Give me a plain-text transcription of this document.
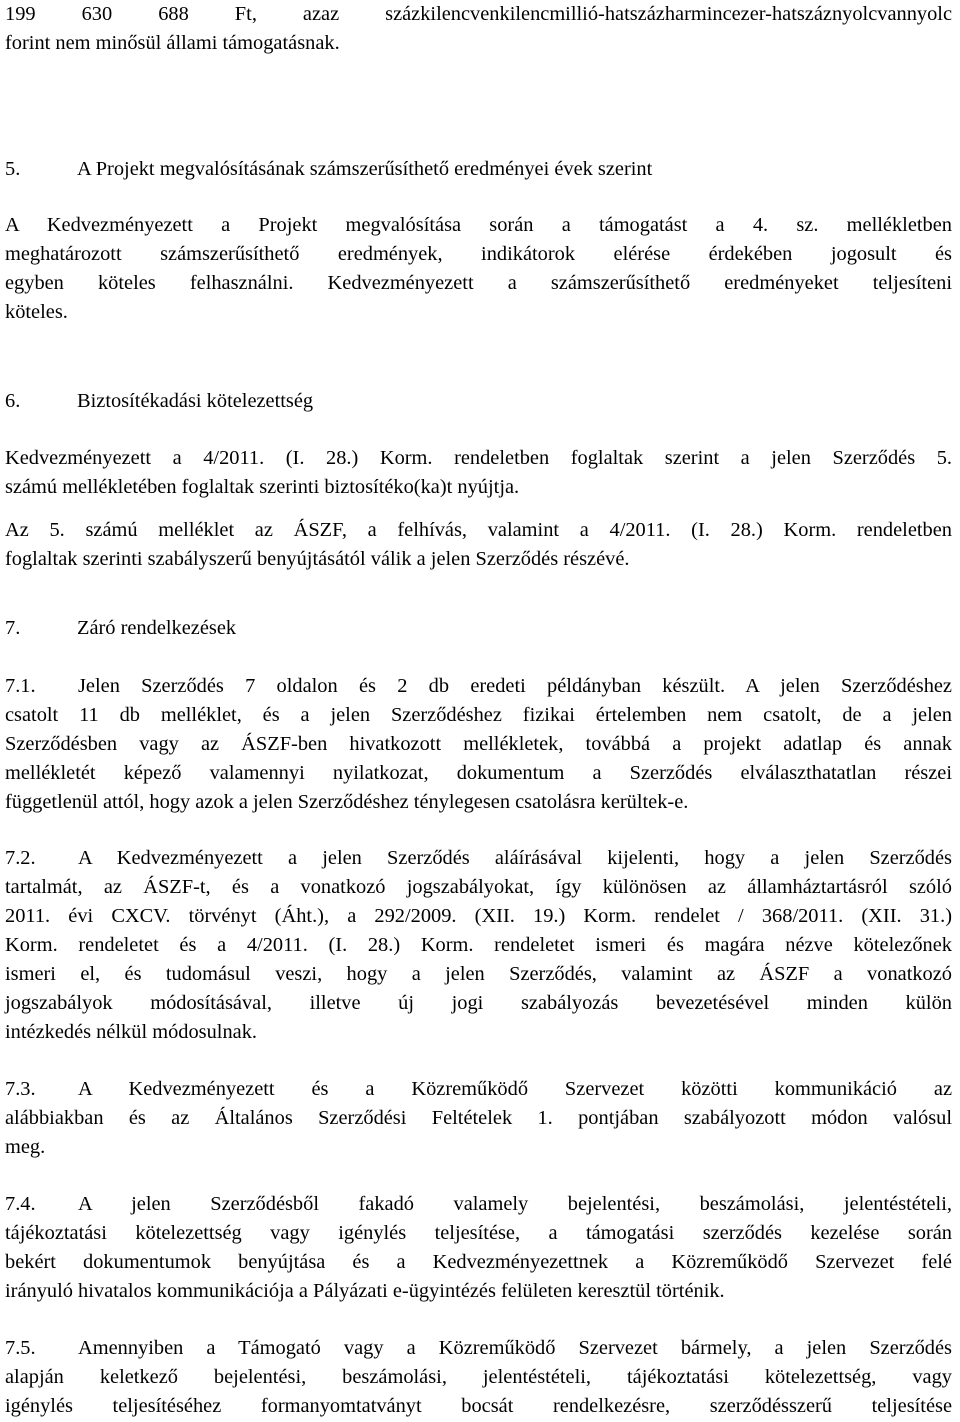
199 630 688 Ft, azaz százkilencvenkilencmillió-hatszázharmincezer-hatszáznyolcvannyolc
forint nem minősül állami támogatásnak.
5.	A Projekt megvalósításának számszerűsíthető eredményei évek szerint
A Kedvezményezett a Projekt megvalósítása során a támogatást a 4. sz. mellékletben
meghatározott számszerűsíthető eredmények, indikátorok elérése érdekében jogosult és
egyben köteles felhasználni. Kedvezményezett a számszerűsíthető eredményeket teljesíteni
köteles.
6.	Biztosítékadási kötelezettség
Kedvezményezett a 4/2011. (I. 28.) Korm. rendeletben foglaltak szerint a jelen Szerződés 5.
számú mellékletében foglaltak szerinti biztosítéko(ka)t nyújtja.
Az 5. számú melléklet az ÁSZF, a felhívás, valamint a 4/2011. (I. 28.) Korm. rendeletben
foglaltak szerinti szabályszerű benyújtásától válik a jelen Szerződés részévé.
7.	Záró rendelkezések
7.1. Jelen Szerződés 7 oldalon és 2 db eredeti példányban készült. A jelen Szerződéshez
csatolt 11 db melléklet, és a jelen Szerződéshez fizikai értelemben nem csatolt, de a jelen
Szerződésben vagy az ÁSZF-ben hivatkozott mellékletek, továbbá a projekt adatlap és annak
mellékletét képező valamennyi nyilatkozat, dokumentum a Szerződés elválaszthatatlan részei
függetlenül attól, hogy azok a jelen Szerződéshez ténylegesen csatolásra kerültek-e.
7.2. A Kedvezményezett a jelen Szerződés aláírásával kijelenti, hogy a jelen Szerződés
tartalmát, az ÁSZF-t, és a vonatkozó jogszabályokat, így különösen az államháztartásról szóló
2011. évi CXCV. törvényt (Áht.), a 292/2009. (XII. 19.) Korm. rendelet / 368/2011. (XII. 31.)
Korm. rendeletet és a 4/2011. (I. 28.) Korm. rendeletet ismeri és magára nézve kötelezőnek
ismeri el, és tudomásul veszi, hogy a jelen Szerződés, valamint az ÁSZF a vonatkozó
jogszabályok módosításával, illetve új jogi szabályozás bevezetésével minden külön
intézkedés nélkül módosulnak.
7.3. A Kedvezményezett és a Közreműködő Szervezet közötti kommunikáció az
alábbiakban és az Általános Szerződési Feltételek 1. pontjában szabályozott módon valósul
meg.
7.4. A jelen Szerződésből fakadó valamely bejelentési, beszámolási, jelentéstételi,
tájékoztatási kötelezettség vagy igénylés teljesítése, a támogatási szerződés kezelése során
bekért dokumentumok benyújtása és a Kedvezményezettnek a Közreműködő Szervezet felé
irányuló hivatalos kommunikációja a Pályázati e-ügyintézés felületen keresztül történik.
7.5. Amennyiben a Támogató vagy a Közreműködő Szervezet bármely, a jelen Szerződés
alapján keletkező bejelentési, beszámolási, jelentéstételi, tájékoztatási kötelezettség, vagy
igénylés teljesítéséhez formanyomtatványt bocsát rendelkezésre, szerződésszerű teljesítése
